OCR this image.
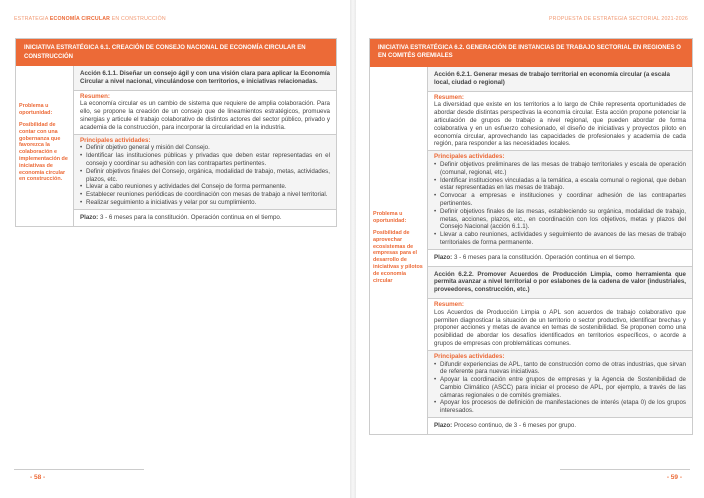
ESTRATEGIA ECONOMÍA CIRCULAR EN CONSTRUCCIÓN
INICIATIVA ESTRATÉGICA 6.1. CREACIÓN DE CONSEJO NACIONAL DE ECONOMÍA CIRCULAR EN CONSTRUCCIÓN

Problema u oportunidad:

Posibilidad de contar con una gobernanza que favorezca la colaboración e implementación de iniciativas de economía circular en construcción.

Acción 6.1.1. Diseñar un consejo ágil y con una visión clara para aplicar la Economía Circular a nivel nacional, vinculándose con territorios, e iniciativas relacionadas.
Resumen:
La economía circular es un cambio de sistema que requiere de amplia colaboración. Para ello, se propone la creación de un consejo que de lineamientos estratégicos, promueva sinergias y articule el trabajo colaborativo de distintos actores del sector público, privado y academia de la construcción, para incorporar la circularidad en la industria.
Principales actividades:
• Definir objetivo general y misión del Consejo.
• Identificar las instituciones públicas y privadas que deben estar representadas en el consejo y coordinar su adhesión con las contrapartes pertinentes.
• Definir objetivos finales del Consejo, orgánica, modalidad de trabajo, metas, actividades, plazos, etc.
• Llevar a cabo reuniones y actividades del Consejo de forma permanente.
• Establecer reuniones periódicas de coordinación con mesas de trabajo a nivel territorial.
• Realizar seguimiento a iniciativas y velar por su cumplimiento.
Plazo: 3 - 6 meses para la constitución. Operación continua en el tiempo.
- 58 -
PROPUESTA DE ESTRATEGIA SECTORIAL 2021-2026
INICIATIVA ESTRATÉGICA 6.2. GENERACIÓN DE INSTANCIAS DE TRABAJO SECTORIAL EN REGIONES O EN COMITÉS GREMIALES

Problema u oportunidad:

Posibilidad de aprovechar ecosistemas de empresas para el desarrollo de iniciativas y pilotos de economía circular

Acción 6.2.1. Generar mesas de trabajo territorial en economía circular (a escala local, ciudad o regional)
Resumen:
La diversidad que existe en los territorios a lo largo de Chile representa oportunidades de abordar desde distintas perspectivas la economía circular. Esta acción propone potenciar la articulación de grupos de trabajo a nivel regional, que pueden abordar de forma colaborativa y en un esfuerzo cohesionado, el diseño de iniciativas y proyectos piloto en economía circular, aprovechando las capacidades de profesionales y academia de cada región, para responder a las necesidades locales.
Principales actividades:
• Definir objetivos preliminares de las mesas de trabajo territoriales y escala de operación (comunal, regional, etc.)
• Identificar instituciones vinculadas a la temática, a escala comunal o regional, que deban estar representadas en las mesas de trabajo.
• Convocar a empresas e instituciones y coordinar adhesión de las contrapartes pertinentes.
• Definir objetivos finales de las mesas, estableciendo su orgánica, modalidad de trabajo, metas, acciones, plazos, etc., en coordinación con los objetivos, metas y plazos del Consejo Nacional (acción 6.1.1).
• Llevar a cabo reuniones, actividades y seguimiento de avances de las mesas de trabajo territoriales de forma permanente.
Plazo: 3 - 6 meses para la constitución. Operación continua en el tiempo.
Acción 6.2.2. Promover Acuerdos de Producción Limpia, como herramienta que permita avanzar a nivel territorial o por eslabones de la cadena de valor (industriales, proveedores, construcción, etc.)
Resumen:
Los Acuerdos de Producción Limpia o APL son acuerdos de trabajo colaborativo que permiten diagnosticar la situación de un territorio o sector productivo, identificar brechas y proponer acciones y metas de avance en temas de sostenibilidad. Se proponen como una posibilidad de abordar los desafíos identificados en territorios específicos, o acorde a grupos de empresas con problemáticas comunes.
Principales actividades:
• Difundir experiencias de APL, tanto de construcción como de otras industrias, que sirvan de referente para nuevas iniciativas.
• Apoyar la coordinación entre grupos de empresas y la Agencia de Sostenibilidad de Cambio Climático (ASCC) para iniciar el proceso de APL, por ejemplo, a través de las cámaras regionales o de comités gremiales.
• Apoyar los procesos de definición de manifestaciones de interés (etapa 0) de los grupos interesados.
Plazo: Proceso continuo, de 3 - 6 meses por grupo.
- 59 -
